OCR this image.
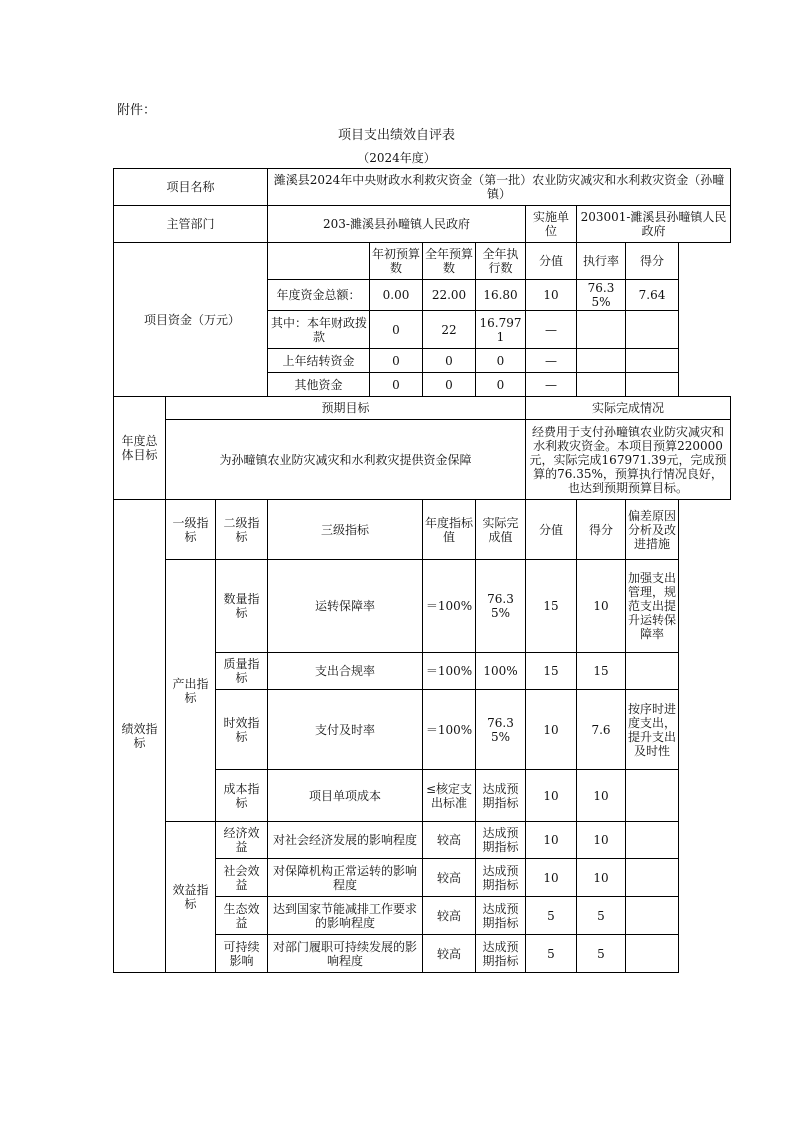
附件：
项目支出绩效自评表
（2024年度）
项目名称			濰溪县2024年中央财政水利救灾资金（第一批）农业防灾减灾和水利救灾资金（孙疃镇）						
主管部门			203-濉溪县孙疃镇人民政府				实施单位	203001-濉溪县孙疃镇人民政府	
项目资金（万元）				年初预算数	全年预算数	全年执行数	分值	执行率	得分
			年度资金总额：	0.00	22.00	16.80	10	76.35%	7.64
			其中：本年财政拨款	0	22	16.7971	—		
			上年结转资金	0	0	0	—		
			其他资金	0	0	0	—		
年度总体目标	预期目标						实际完成情况		
	为孙疃镇农业防灾减灾和水利救灾提供资金保障						经费用于支付孙疃镇农业防灾减灾和水利救灾资金。本项目预算220000元，实际完成167971.39元，完成预算的76.35%，预算执行情况良好，也达到预期预算目标。		
绩效指标	一级指标	二级指标	三级指标		年度指标值	实际完成值	分值	得分	偏差原因分析及改进措施
	产出指标	数量指标	运转保障率		＝100%	76.35%	15	10	加强支出管理，规范支出提升运转保障率
		质量指标	支出合规率		＝100%	100%	15	15	
		时效指标	支付及时率		＝100%	76.35%	10	7.6	按序时进度支出，提升支出及时性
		成本指标	项目单项成本		≤核定支出标准	达成预期指标	10	10	
	效益指标	经济效益	对社会经济发展的影响程度		较高	达成预期指标	10	10	
		社会效益	对保障机构正常运转的影响程度		较高	达成预期指标	10	10	
		生态效益	达到国家节能减排工作要求的影响程度		较高	达成预期指标	5	5	
		可持续影响	对部门履职可持续发展的影响程度		较高	达成预期指标	5	5	
